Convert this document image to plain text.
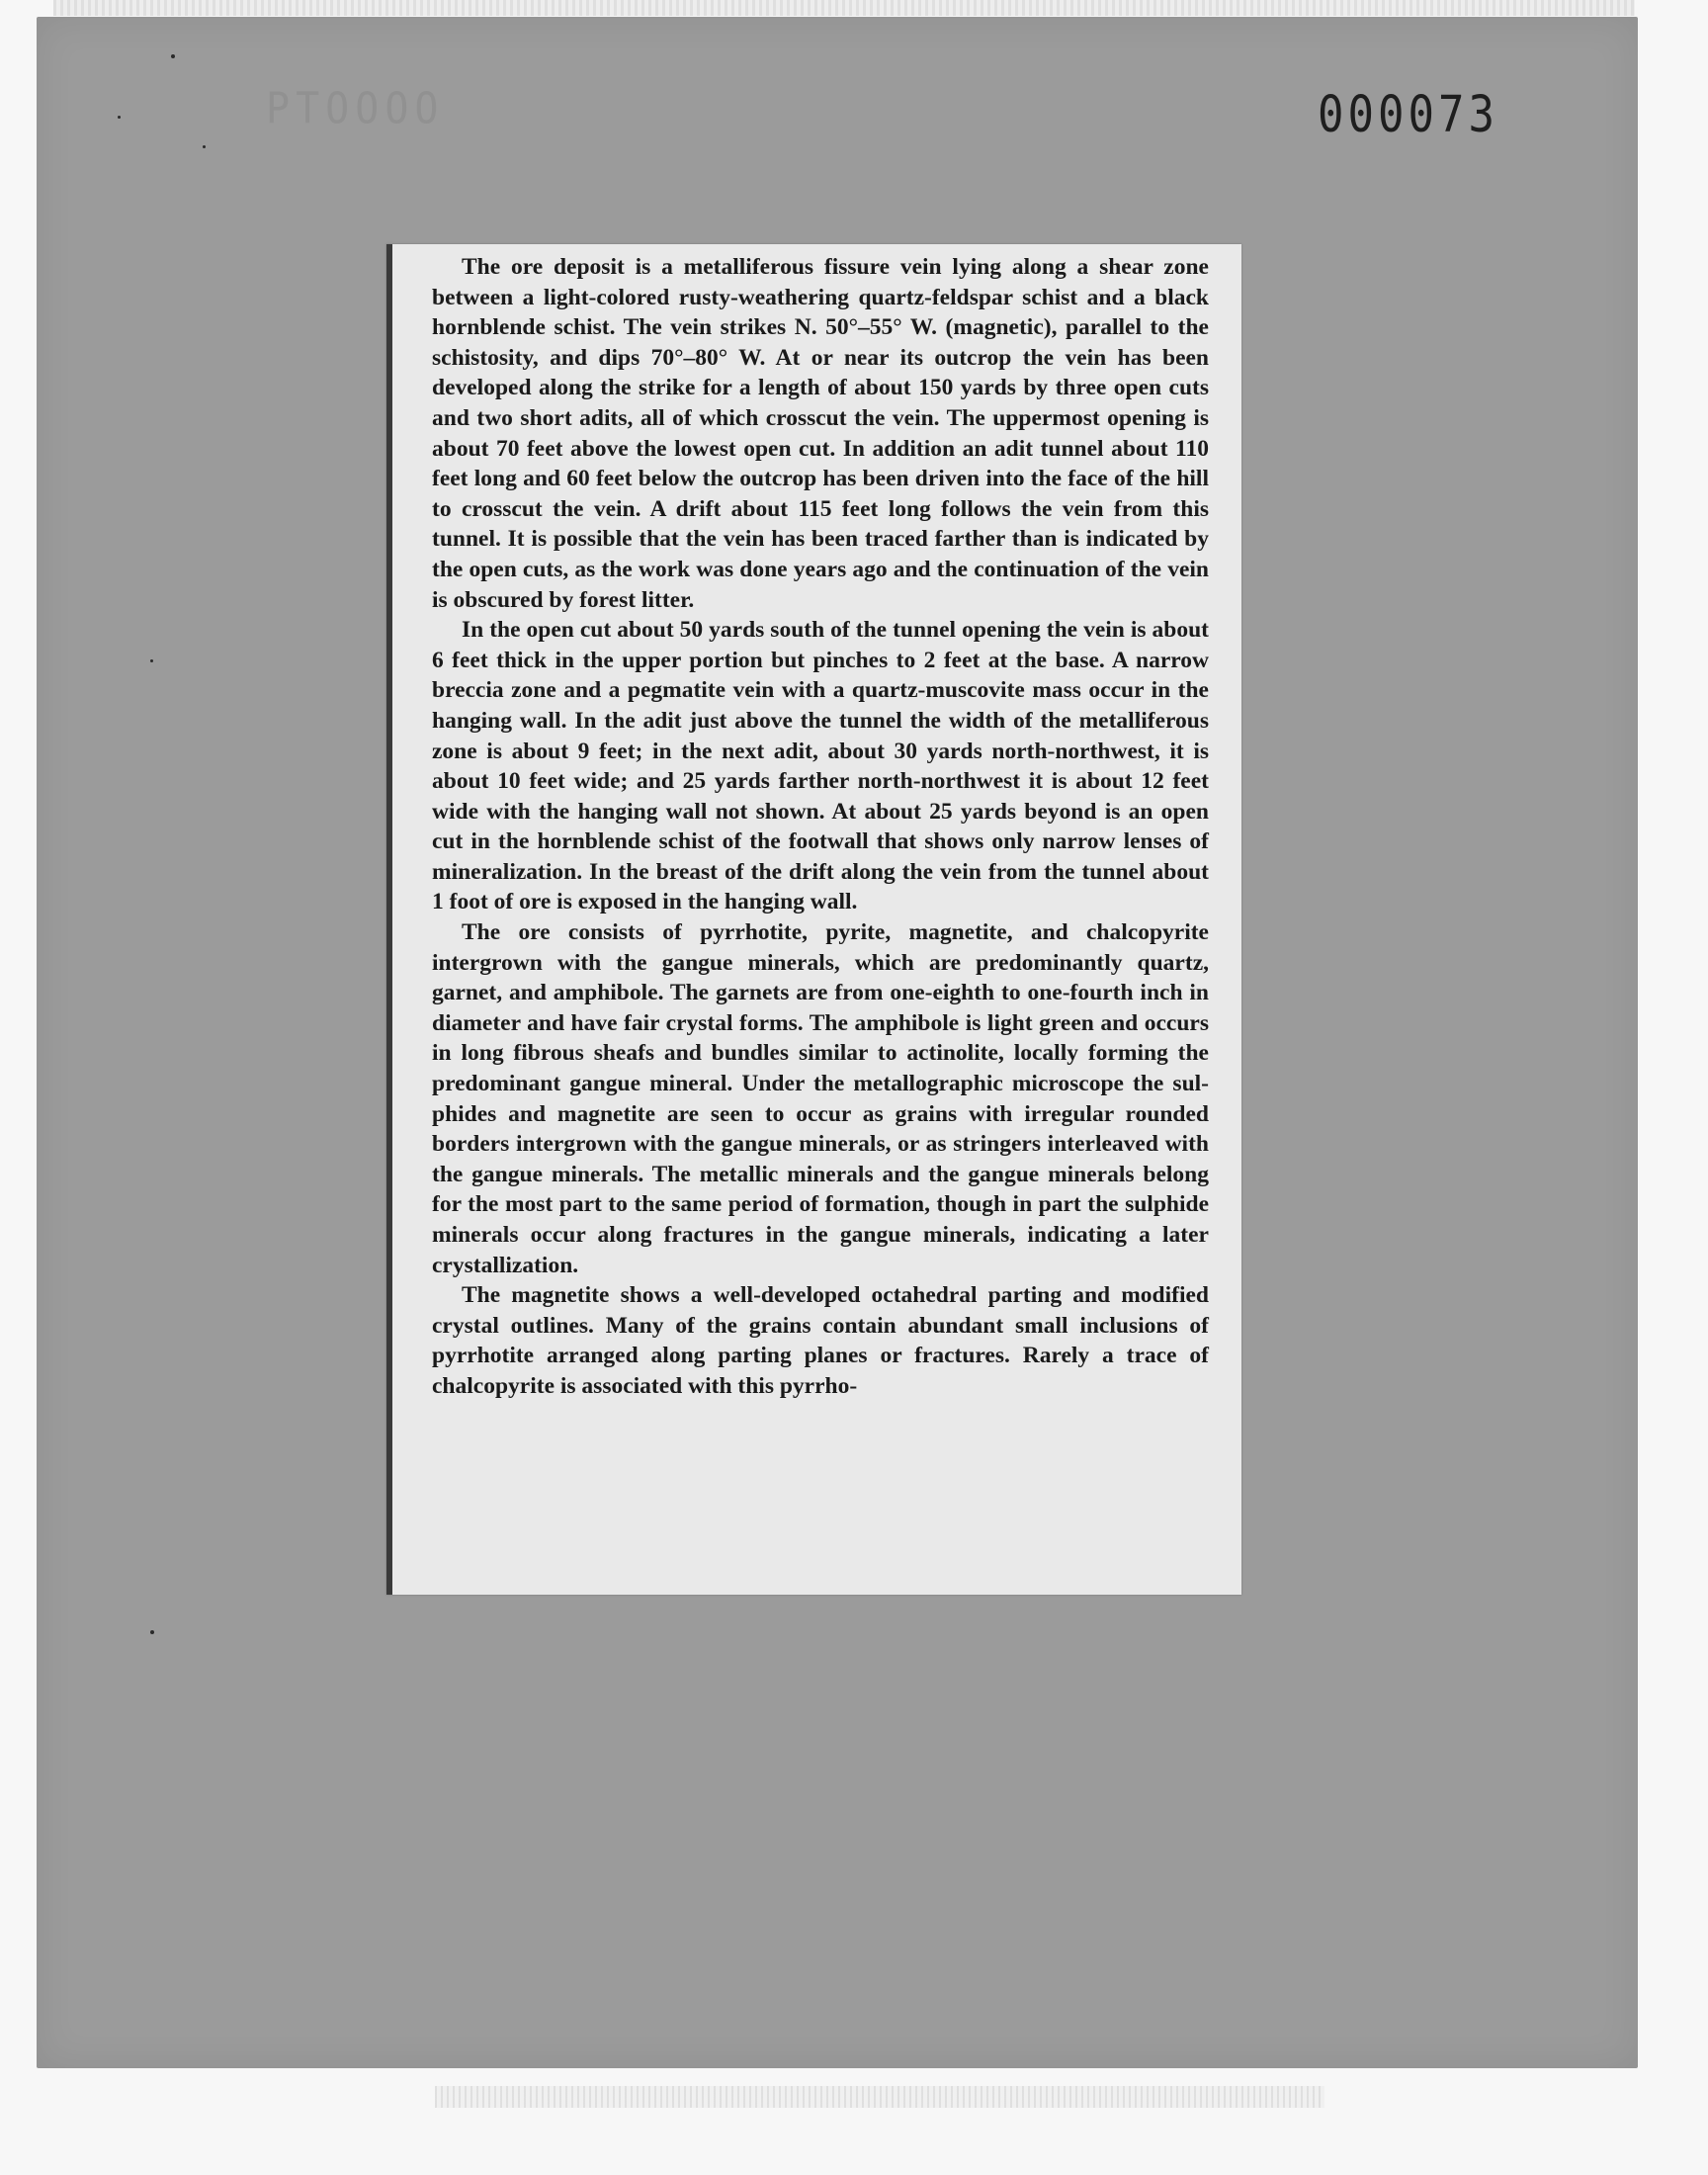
PTOOOO	000073

The ore deposit is a metalliferous fissure vein lying along a shear zone between a light-colored rusty-weathering quartz-feldspar schist and a black hornblende schist. The vein strikes N. 50°–55° W. (magnetic), parallel to the schistosity, and dips 70°–80° W. At or near its outcrop the vein has been developed along the strike for a length of about 150 yards by three open cuts and two short adits, all of which crosscut the vein. The uppermost opening is about 70 feet above the lowest open cut. In addition an adit tunnel about 110 feet long and 60 feet below the outcrop has been driven into the face of the hill to crosscut the vein. A drift about 115 feet long follows the vein from this tunnel. It is possible that the vein has been traced farther than is indicated by the open cuts, as the work was done years ago and the continuation of the vein is obscured by forest litter.

In the open cut about 50 yards south of the tunnel opening the vein is about 6 feet thick in the upper portion but pinches to 2 feet at the base. A narrow breccia zone and a pegmatite vein with a quartz-muscovite mass occur in the hanging wall. In the adit just above the tunnel the width of the metalliferous zone is about 9 feet; in the next adit, about 30 yards north-northwest, it is about 10 feet wide; and 25 yards farther north-northwest it is about 12 feet wide with the hanging wall not shown. At about 25 yards beyond is an open cut in the hornblende schist of the footwall that shows only narrow lenses of mineralization. In the breast of the drift along the vein from the tunnel about 1 foot of ore is exposed in the hanging wall.

The ore consists of pyrrhotite, pyrite, magnetite, and chalcopyrite intergrown with the gangue minerals, which are predominantly quartz, garnet, and amphibole. The garnets are from one-eighth to one-fourth inch in diameter and have fair crystal forms. The amphibole is light green and occurs in long fibrous sheafs and bundles similar to actinolite, locally forming the predominant gangue mineral. Under the metallographic microscope the sulphides and magnetite are seen to occur as grains with irregular rounded borders intergrown with the gangue minerals, or as stringers interleaved with the gangue minerals. The metallic minerals and the gangue minerals belong for the most part to the same period of formation, though in part the sulphide minerals occur along fractures in the gangue minerals, indicating a later crystallization.

The magnetite shows a well-developed octahedral parting and modified crystal outlines. Many of the grains contain abundant small inclusions of pyrrhotite arranged along parting planes or fractures. Rarely a trace of chalcopyrite is associated with this pyrrho-
